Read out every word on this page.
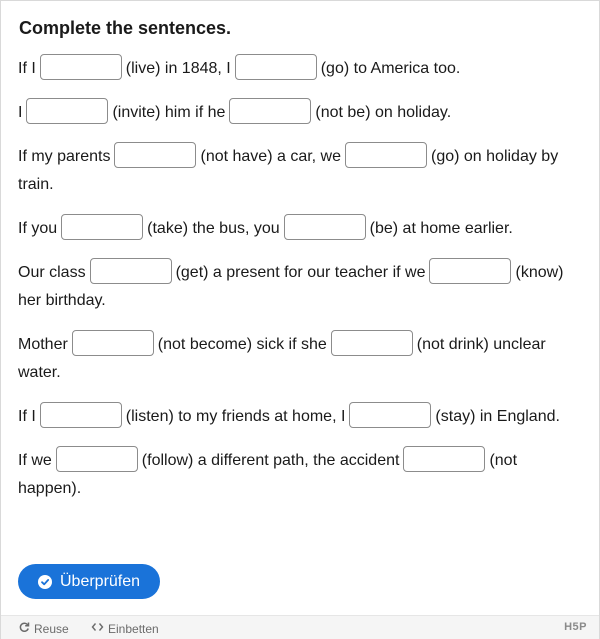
Complete the sentences.

If I	(live) in 1848, I	(go) to America too.

I	(invite) him if he	(not be) on holiday.

If my parents	(not have) a car, we	(go) on holiday by train.

If you	(take) the bus, you	(be) at home earlier.

Our class	(get) a present for our teacher if we	(know) her birthday.

Mother	(not become) sick if she	(not drink) unclear water.

If I	(listen) to my friends at home, I	(stay) in England.

If we	(follow) a different path, the accident	(not happen).

Überprüfen
Reuse	Einbetten	H5P
